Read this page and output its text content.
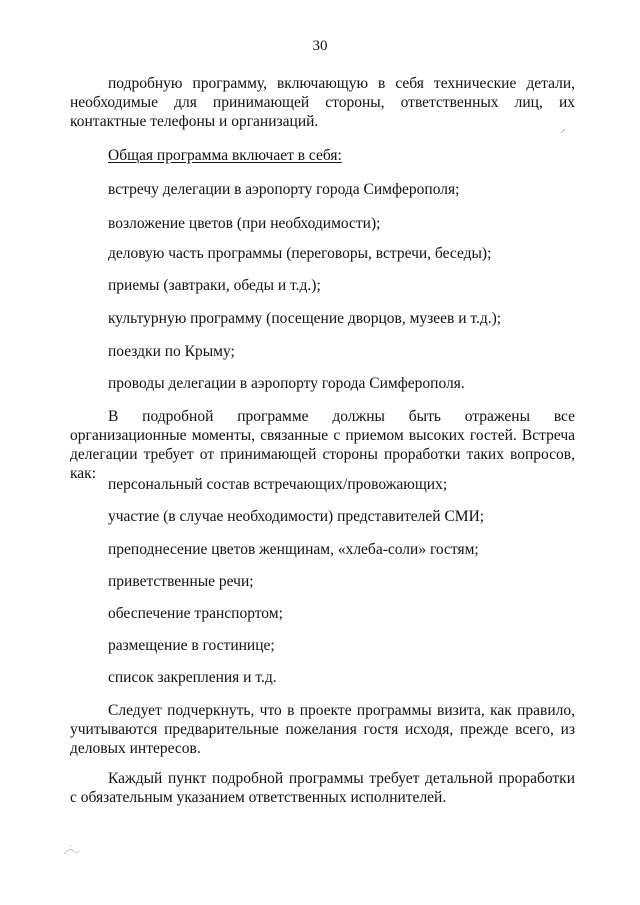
30
подробную программу, включающую в себя технические детали, необходимые для принимающей стороны, ответственных лиц, их контактные телефоны и организаций.
Общая программа включает в себя:
встречу делегации в аэропорту города Симферополя;
возложение цветов (при необходимости);
деловую часть программы (переговоры, встречи, беседы);
приемы (завтраки, обеды и т.д.);
культурную программу (посещение дворцов, музеев и т.д.);
поездки по Крыму;
проводы делегации в аэропорту города Симферополя.
В подробной программе должны быть отражены все организационные моменты, связанные с приемом высоких гостей. Встреча делегации требует от принимающей стороны проработки таких вопросов, как:
персональный состав встречающих/провожающих;
участие (в случае необходимости) представителей СМИ;
преподнесение цветов женщинам, «хлеба-соли» гостям;
приветственные речи;
обеспечение транспортом;
размещение в гостинице;
список закрепления и т.д.
Следует подчеркнуть, что в проекте программы визита, как правило, учитываются предварительные пожелания гостя исходя, прежде всего, из деловых интересов.
Каждый пункт подробной программы требует детальной проработки с обязательным указанием ответственных исполнителей.
